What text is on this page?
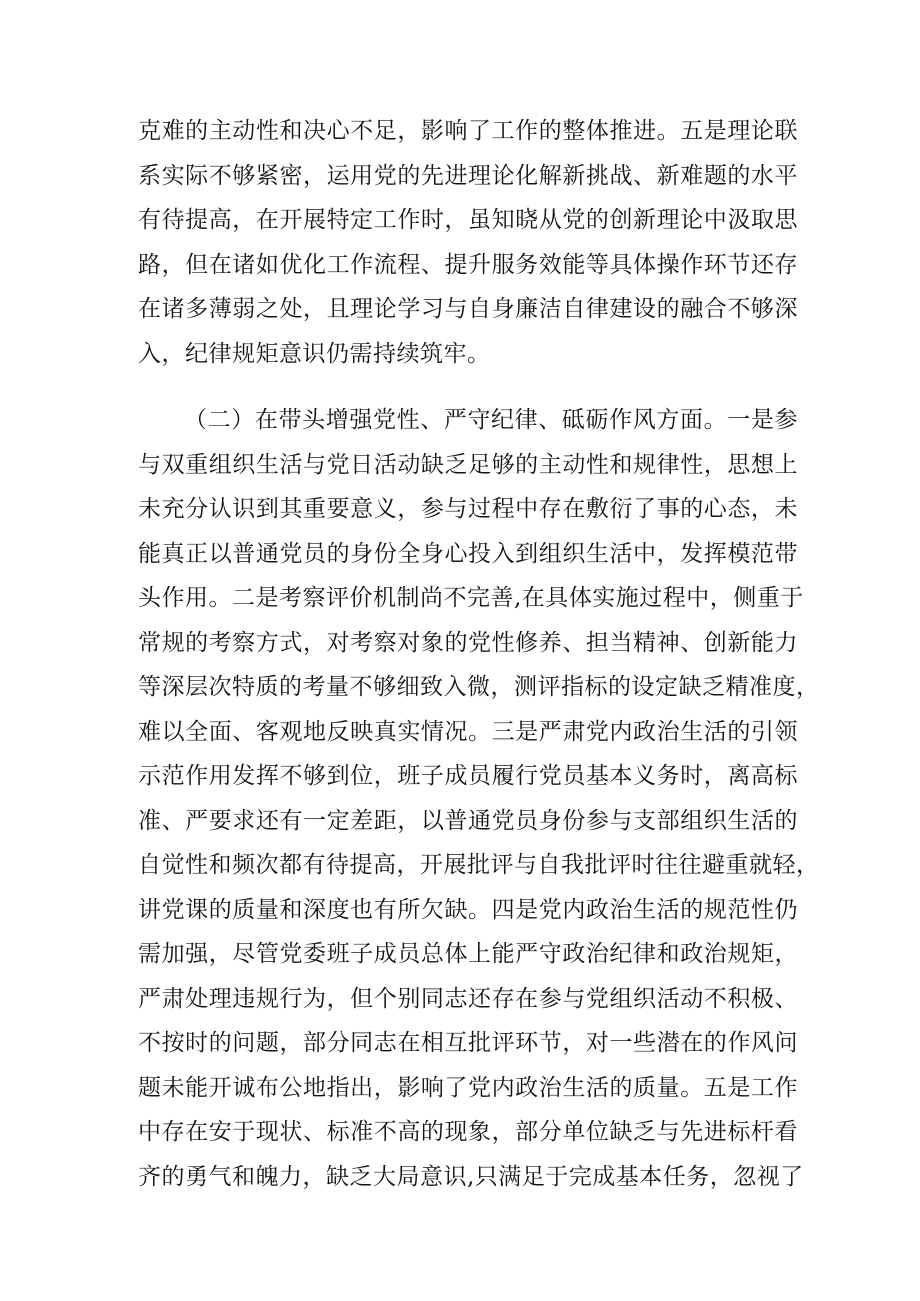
克难的主动性和决心不足，影响了工作的整体推进。五是理论联
系实际不够紧密，运用党的先进理论化解新挑战、新难题的水平
有待提高，在开展特定工作时，虽知晓从党的创新理论中汲取思
路，但在诸如优化工作流程、提升服务效能等具体操作环节还存
在诸多薄弱之处，且理论学习与自身廉洁自律建设的融合不够深
入，纪律规矩意识仍需持续筑牢。
（二）在带头增强党性、严守纪律、砥砺作风方面。一是参
与双重组织生活与党日活动缺乏足够的主动性和规律性，思想上
未充分认识到其重要意义，参与过程中存在敷衍了事的心态，未
能真正以普通党员的身份全身心投入到组织生活中，发挥模范带
头作用。二是考察评价机制尚不完善,在具体实施过程中，侧重于
常规的考察方式，对考察对象的党性修养、担当精神、创新能力
等深层次特质的考量不够细致入微，测评指标的设定缺乏精准度，
难以全面、客观地反映真实情况。三是严肃党内政治生活的引领
示范作用发挥不够到位，班子成员履行党员基本义务时，离高标
准、严要求还有一定差距，以普通党员身份参与支部组织生活的
自觉性和频次都有待提高，开展批评与自我批评时往往避重就轻，
讲党课的质量和深度也有所欠缺。四是党内政治生活的规范性仍
需加强，尽管党委班子成员总体上能严守政治纪律和政治规矩，
严肃处理违规行为，但个别同志还存在参与党组织活动不积极、
不按时的问题，部分同志在相互批评环节，对一些潜在的作风问
题未能开诚布公地指出，影响了党内政治生活的质量。五是工作
中存在安于现状、标准不高的现象，部分单位缺乏与先进标杆看
齐的勇气和魄力，缺乏大局意识,只满足于完成基本任务，忽视了
